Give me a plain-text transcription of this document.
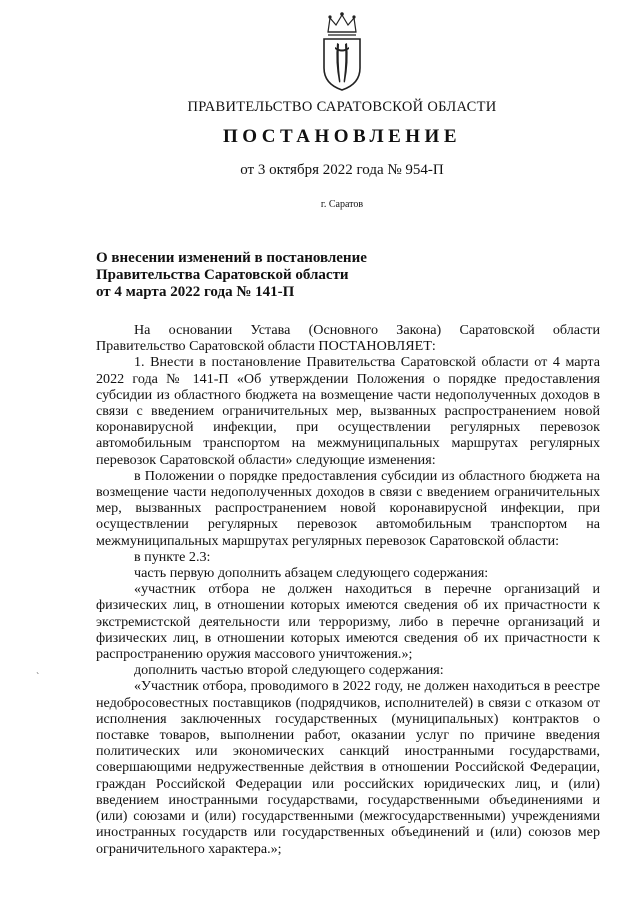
ПРАВИТЕЛЬСТВО САРАТОВСКОЙ ОБЛАСТИ
ПОСТАНОВЛЕНИЕ
от 3 октября 2022 года № 954-П
г. Саратов
О внесении изменений в постановление
Правительства Саратовской области
от 4 марта 2022 года № 141-П

На основании Устава (Основного Закона) Саратовской области Правительство Саратовской области ПОСТАНОВЛЯЕТ:

1. Внести в постановление Правительства Саратовской области от 4 марта 2022 года № 141-П «Об утверждении Положения о порядке предоставления субсидии из областного бюджета на возмещение части недополученных доходов в связи с введением ограничительных мер, вызванных распространением новой коронавирусной инфекции, при осуществлении регулярных перевозок автомобильным транспортом на межмуниципальных маршрутах регулярных перевозок Саратовской области» следующие изменения:

в Положении о порядке предоставления субсидии из областного бюджета на возмещение части недополученных доходов в связи с введением ограничительных мер, вызванных распространением новой коронавирусной инфекции, при осуществлении регулярных перевозок автомобильным транспортом на межмуниципальных маршрутах регулярных перевозок Саратовской области:

в пункте 2.3:

часть первую дополнить абзацем следующего содержания:

«участник отбора не должен находиться в перечне организаций и физических лиц, в отношении которых имеются сведения об их причастности к экстремистской деятельности или терроризму, либо в перечне организаций и физических лиц, в отношении которых имеются сведения об их причастности к распространению оружия массового уничтожения.»;

дополнить частью второй следующего содержания:

«Участник отбора, проводимого в 2022 году, не должен находиться в реестре недобросовестных поставщиков (подрядчиков, исполнителей) в связи с отказом от исполнения заключенных государственных (муниципальных) контрактов о поставке товаров, выполнении работ, оказании услуг по причине введения политических или экономических санкций иностранными государствами, совершающими недружественные действия в отношении Российской Федерации, граждан Российской Федерации или российских юридических лиц, и (или) введением иностранными государствами, государственными объединениями и (или) союзами и (или) государственными (межгосударственными) учреждениями иностранных государств или государственных объединений и (или) союзов мер ограничительного характера.»;

ˋ
